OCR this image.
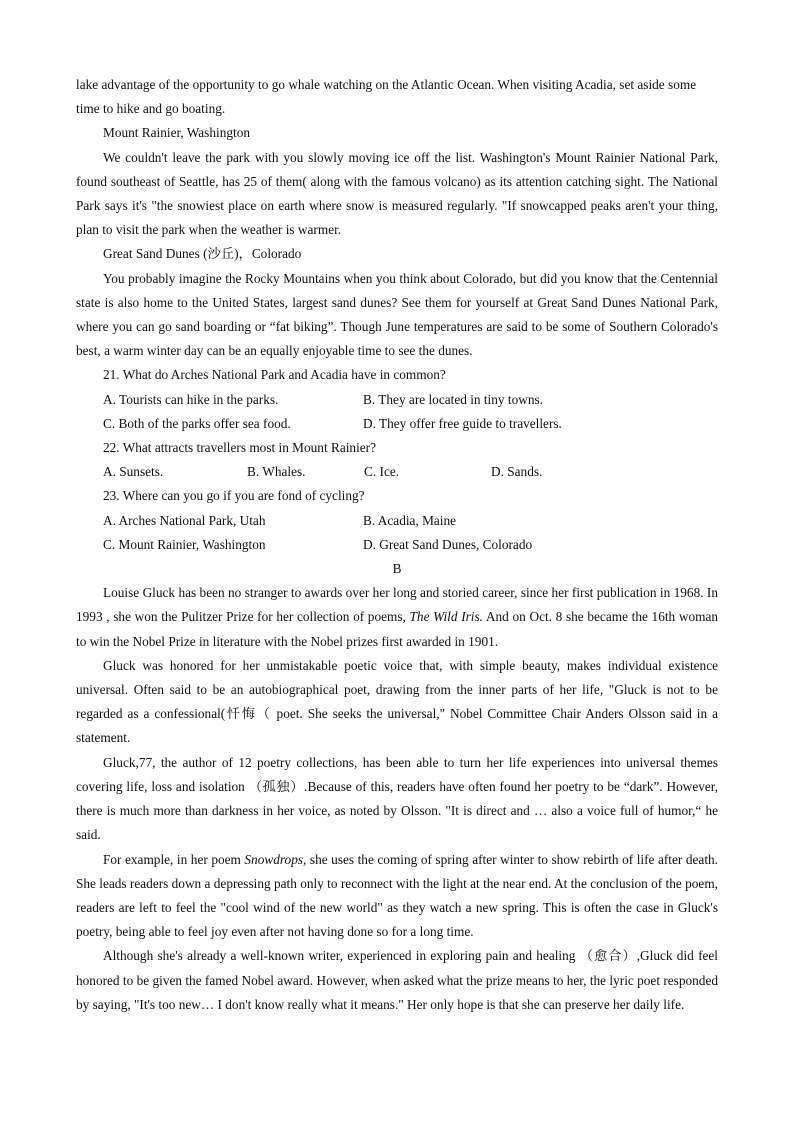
lake advantage of the opportunity to go whale watching on the Atlantic Ocean. When visiting Acadia, set aside some time to hike and go boating.

Mount Rainier, Washington

We couldn't leave the park with you slowly moving ice off the list. Washington's Mount Rainier National Park, found southeast of Seattle, has 25 of them( along with the famous volcano) as its attention catching sight. The National Park says it's "the snowiest place on earth where snow is measured regularly. "If snowcapped peaks aren't your thing, plan to visit the park when the weather is warmer.

Great Sand Dunes (沙丘)，Colorado

You probably imagine the Rocky Mountains when you think about Colorado, but did you know that the Centennial state is also home to the United States, largest sand dunes? See them for yourself at Great Sand Dunes National Park, where you can go sand boarding or “fat biking”. Though June temperatures are said to be some of Southern Colorado's best, a warm winter day can be an equally enjoyable time to see the dunes.

21. What do Arches National Park and Acadia have in common?

A. Tourists can hike in the parks.	B. They are located in tiny towns.
C. Both of the parks offer sea food.	D. They offer free guide to travellers.

22. What attracts travellers most in Mount Rainier?

A. Sunsets.	B. Whales.	C. Ice.	D. Sands.

23. Where can you go if you are fond of cycling?

A. Arches National Park, Utah	B. Acadia, Maine
C. Mount Rainier, Washington	D. Great Sand Dunes, Colorado

B

Louise Gluck has been no stranger to awards over her long and storied career, since her first publication in 1968. In 1993 , she won the Pulitzer Prize for her collection of poems, The Wild Iris. And on Oct. 8 she became the 16th woman to win the Nobel Prize in literature with the Nobel prizes first awarded in 1901.

Gluck was honored for her unmistakable poetic voice that, with simple beauty, makes individual existence universal. Often said to be an autobiographical poet, drawing from the inner parts of her life, "Gluck is not to be regarded as a confessional(忏悔（ poet. She seeks the universal," Nobel Committee Chair Anders Olsson said in a statement.

Gluck,77, the author of 12 poetry collections, has been able to turn her life experiences into universal themes covering life, loss and isolation （孤独）.Because of this, readers have often found her poetry to be “dark”. However, there is much more than darkness in her voice, as noted by Olsson. "It is direct and … also a voice full of humor,“ he said.

For example, in her poem Snowdrops, she uses the coming of spring after winter to show rebirth of life after death. She leads readers down a depressing path only to reconnect with the light at the near end. At the conclusion of the poem, readers are left to feel the "cool wind of the new world" as they watch a new spring. This is often the case in Gluck's poetry, being able to feel joy even after not having done so for a long time.

Although she's already a well-known writer, experienced in exploring pain and healing （愈合）,Gluck did feel honored to be given the famed Nobel award. However, when asked what the prize means to her, the lyric poet responded by saying, "It's too new… I don't know really what it means." Her only hope is that she can preserve her daily life.
